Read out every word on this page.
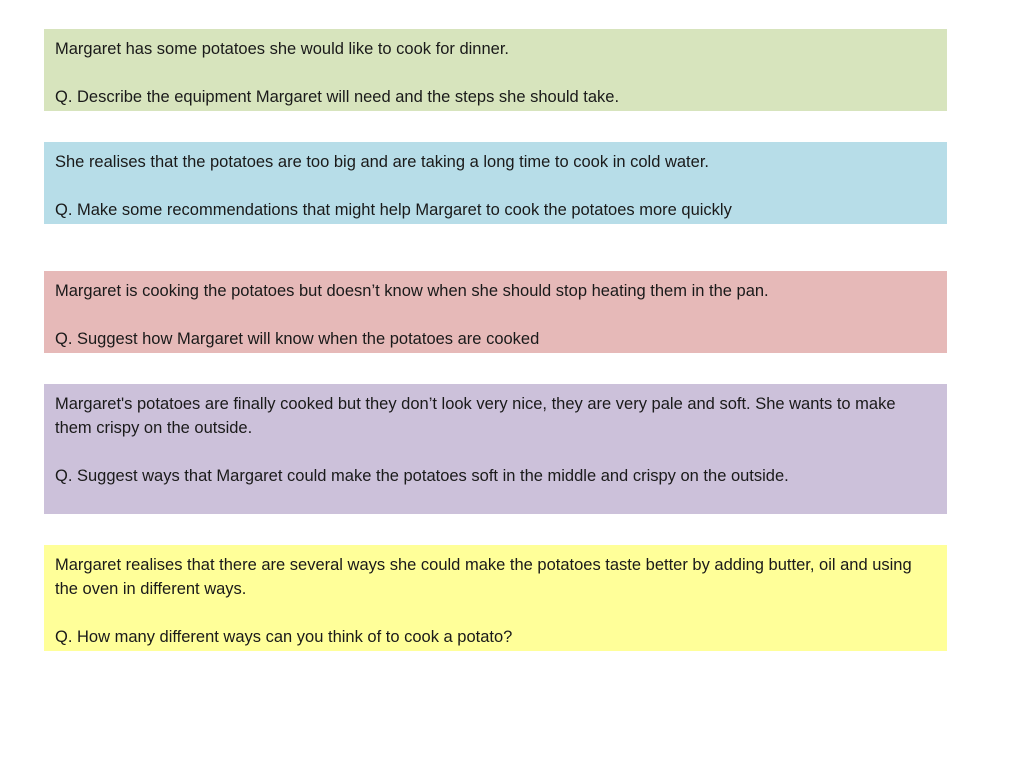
Margaret has some potatoes she would like to cook for dinner.

Q. Describe the equipment Margaret will need and the steps she should take.

She realises that the potatoes are too big and are taking a long time to cook in cold water.

Q. Make some recommendations that might help Margaret to cook the potatoes more quickly

Margaret is cooking the potatoes but doesn’t know when she should stop heating them in the pan.

Q. Suggest how Margaret will know when the potatoes are cooked

Margaret's potatoes are finally cooked but they don’t look very nice, they are very pale and soft. She wants to make them crispy on the outside.

Q. Suggest ways that Margaret could make the potatoes soft in the middle and crispy on the outside.

Margaret realises that there are several ways she could make the potatoes taste better by adding butter, oil and using the oven in different ways.

Q. How many different ways can you think of to cook a potato?
